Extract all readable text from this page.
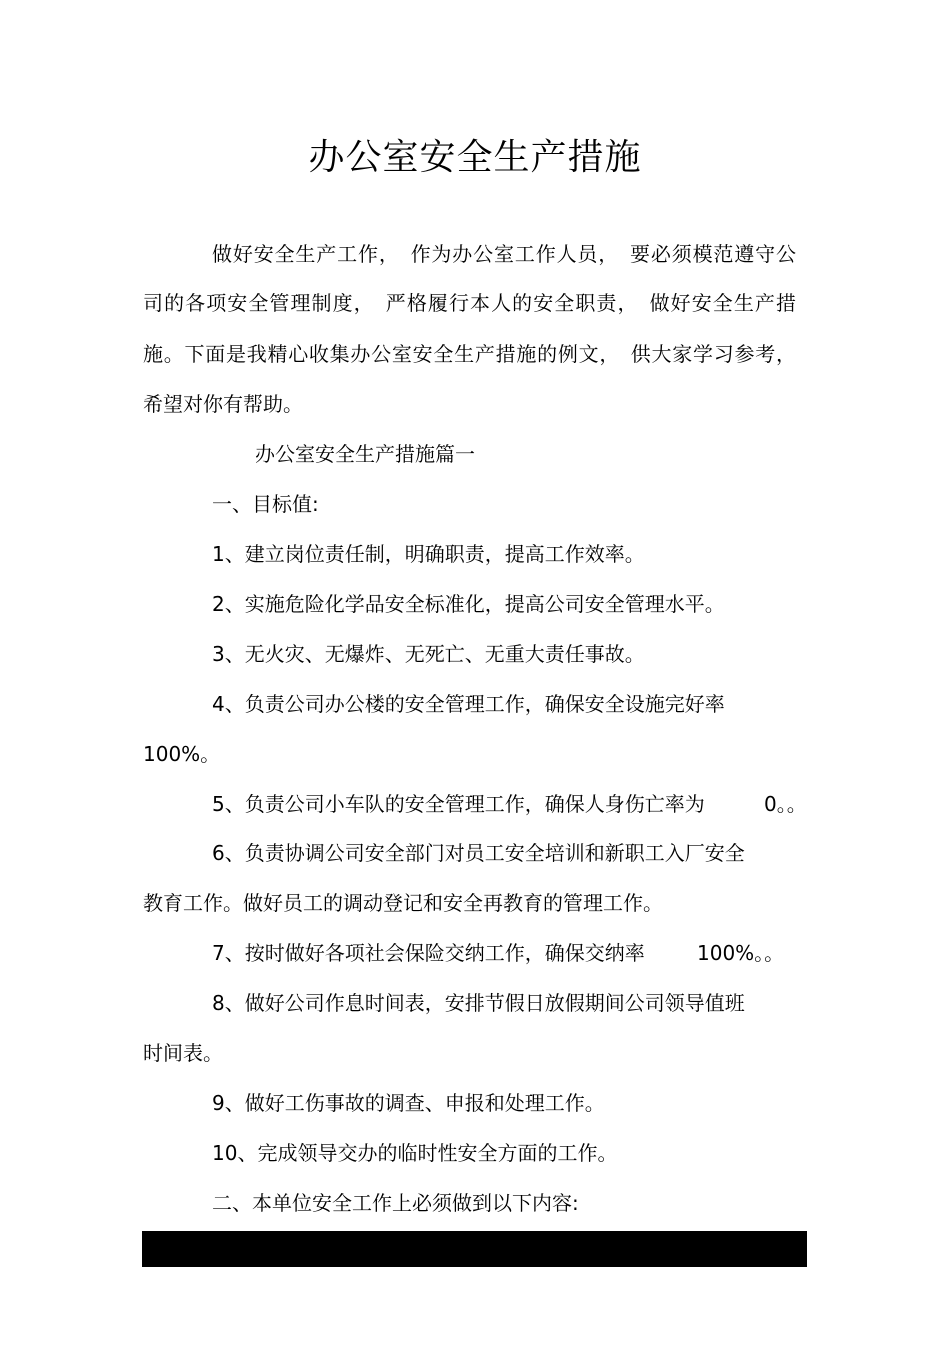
办公室安全生产措施
做好安全生产工作，　作为办公室工作人员，　要必须模范遵守公
司的各项安全管理制度，　严格履行本人的安全职责，　做好安全生产措
施。下面是我精心收集办公室安全生产措施的例文，　供大家学习参考，
希望对你有帮助。
办公室安全生产措施篇一
一、目标值:
1、建立岗位责任制，明确职责，提高工作效率。
2、实施危险化学品安全标准化，提高公司安全管理水平。
3、无火灾、无爆炸、无死亡、无重大责任事故。
4、负责公司办公楼的安全管理工作，确保安全设施完好率
100%。
5、负责公司小车队的安全管理工作，确保人身伤亡率为	0。。
6、负责协调公司安全部门对员工安全培训和新职工入厂安全
教育工作。做好员工的调动登记和安全再教育的管理工作。
7、按时做好各项社会保险交纳工作，确保交纳率	100%。。
8、做好公司作息时间表，安排节假日放假期间公司领导值班
时间表。
9、做好工伤事故的调查、申报和处理工作。
10、完成领导交办的临时性安全方面的工作。
二、本单位安全工作上必须做到以下内容:
